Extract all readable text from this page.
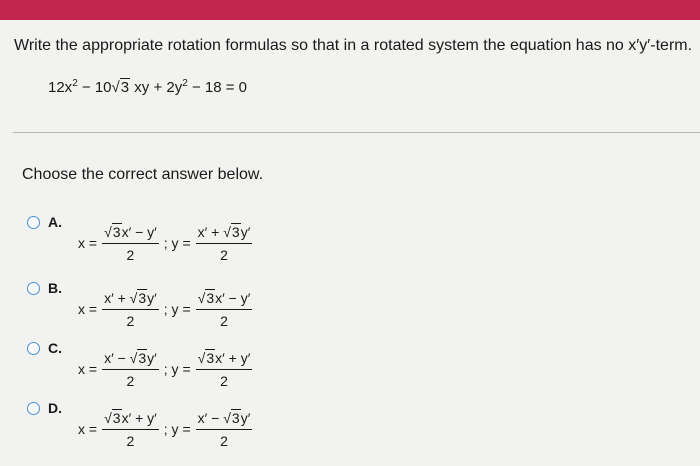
Write the appropriate rotation formulas so that in a rotated system the equation has no x′y′-term.
$12x^2 - 10√3$ xy + $2y^2 - 18 = 0$
Choose the correct answer below.
A.
$x = \frac{√3x' - y'}{2}$ ; $y = \frac{x' + √3y'}{2}$
B.
$x = \frac{x' + √3y'}{2}$ ; $y = \frac{√3x' - y'}{2}$
C.
$x = \frac{x' - √3y'}{2}$ ; $y = \frac{√3x' + y'}{2}$
D.
$x = \frac{√3x' + y'}{2}$ ; $y = \frac{x' - √3y'}{2}$
